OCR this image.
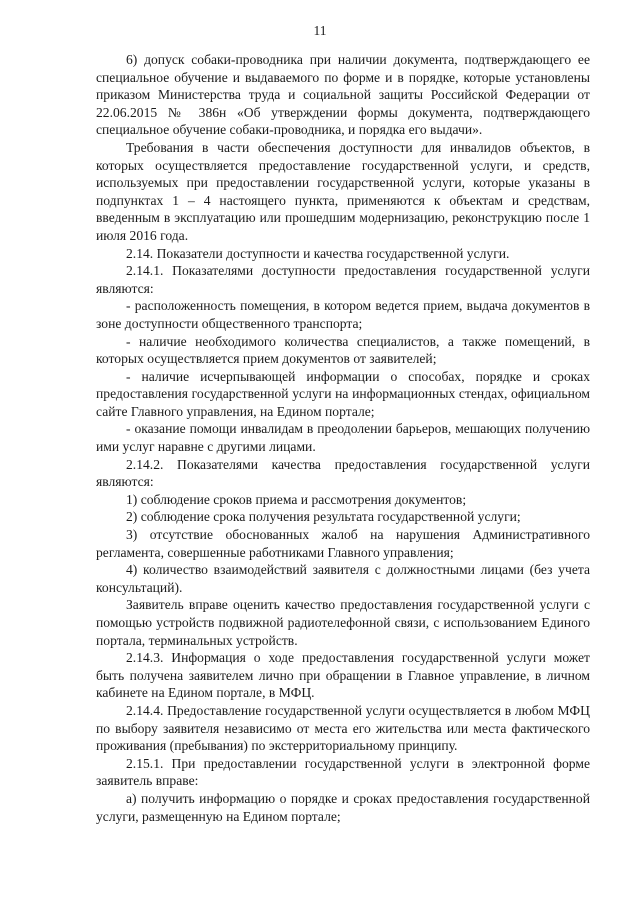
11

6) допуск собаки-проводника при наличии документа, подтверждающего ее специальное обучение и выдаваемого по форме и в порядке, которые установлены приказом Министерства труда и социальной защиты Российской Федерации от 22.06.2015 № 386н «Об утверждении формы документа, подтверждающего специальное обучение собаки-проводника, и порядка его выдачи».

Требования в части обеспечения доступности для инвалидов объектов, в которых осуществляется предоставление государственной услуги, и средств, используемых при предоставлении государственной услуги, которые указаны в подпунктах 1 – 4 настоящего пункта, применяются к объектам и средствам, введенным в эксплуатацию или прошедшим модернизацию, реконструкцию после 1 июля 2016 года.

2.14. Показатели доступности и качества государственной услуги.

2.14.1. Показателями доступности предоставления государственной услуги являются:

- расположенность помещения, в котором ведется прием, выдача документов в зоне доступности общественного транспорта;

- наличие необходимого количества специалистов, а также помещений, в которых осуществляется прием документов от заявителей;

- наличие исчерпывающей информации о способах, порядке и сроках предоставления государственной услуги на информационных стендах, официальном сайте Главного управления, на Едином портале;

- оказание помощи инвалидам в преодолении барьеров, мешающих получению ими услуг наравне с другими лицами.

2.14.2. Показателями качества предоставления государственной услуги являются:

1) соблюдение сроков приема и рассмотрения документов;

2) соблюдение срока получения результата государственной услуги;

3) отсутствие обоснованных жалоб на нарушения Административного регламента, совершенные работниками Главного управления;

4) количество взаимодействий заявителя с должностными лицами (без учета консультаций).

Заявитель вправе оценить качество предоставления государственной услуги с помощью устройств подвижной радиотелефонной связи, с использованием Единого портала, терминальных устройств.

2.14.3. Информация о ходе предоставления государственной услуги может быть получена заявителем лично при обращении в Главное управление, в личном кабинете на Едином портале, в МФЦ.

2.14.4. Предоставление государственной услуги осуществляется в любом МФЦ по выбору заявителя независимо от места его жительства или места фактического проживания (пребывания) по экстерриториальному принципу.

2.15.1. При предоставлении государственной услуги в электронной форме заявитель вправе:

а) получить информацию о порядке и сроках предоставления государственной услуги, размещенную на Едином портале;
